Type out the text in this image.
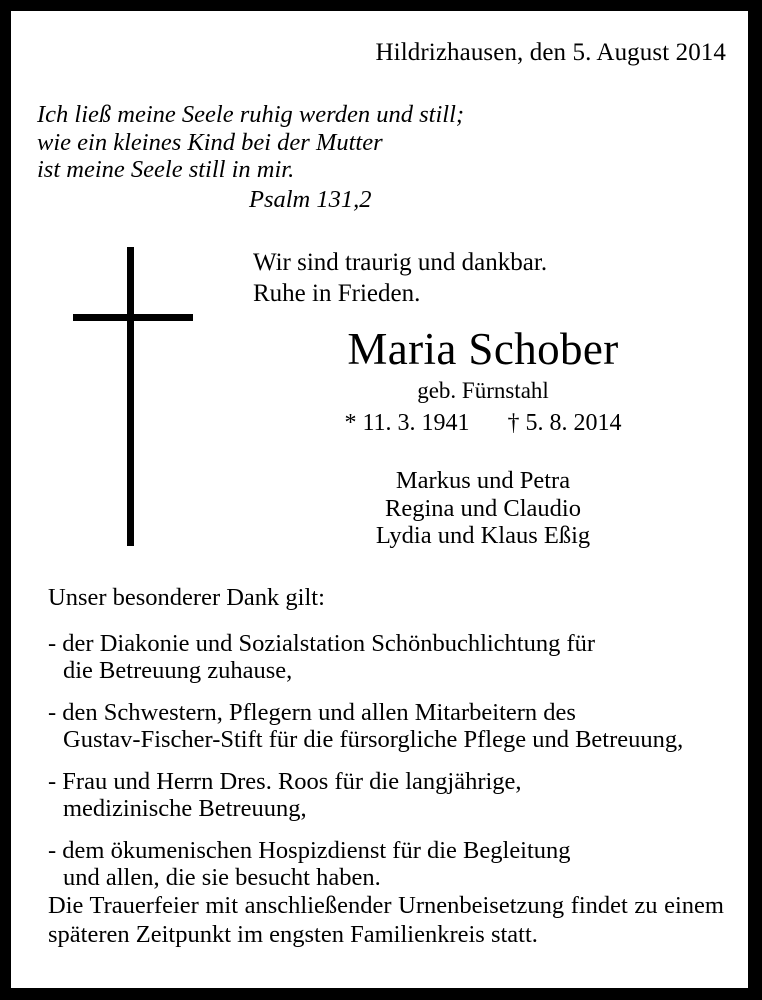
Hildrizhausen, den 5. August 2014
Ich ließ meine Seele ruhig werden und still;
wie ein kleines Kind bei der Mutter
ist meine Seele still in mir.
Psalm 131,2
Wir sind traurig und dankbar.
Ruhe in Frieden.
Maria Schober
geb. Fürnstahl
* 11. 3. 1941 † 5. 8. 2014
Markus und Petra
Regina und Claudio
Lydia und Klaus Eßig
Unser besonderer Dank gilt:
- der Diakonie und Sozialstation Schönbuchlichtung für
die Betreuung zuhause,
- den Schwestern, Pflegern und allen Mitarbeitern des
Gustav-Fischer-Stift für die fürsorgliche Pflege und Betreuung,
- Frau und Herrn Dres. Roos für die langjährige,
medizinische Betreuung,
- dem ökumenischen Hospizdienst für die Begleitung
und allen, die sie besucht haben.
Die Trauerfeier mit anschließender Urnenbeisetzung findet zu einem späteren Zeitpunkt im engsten Familienkreis statt.
